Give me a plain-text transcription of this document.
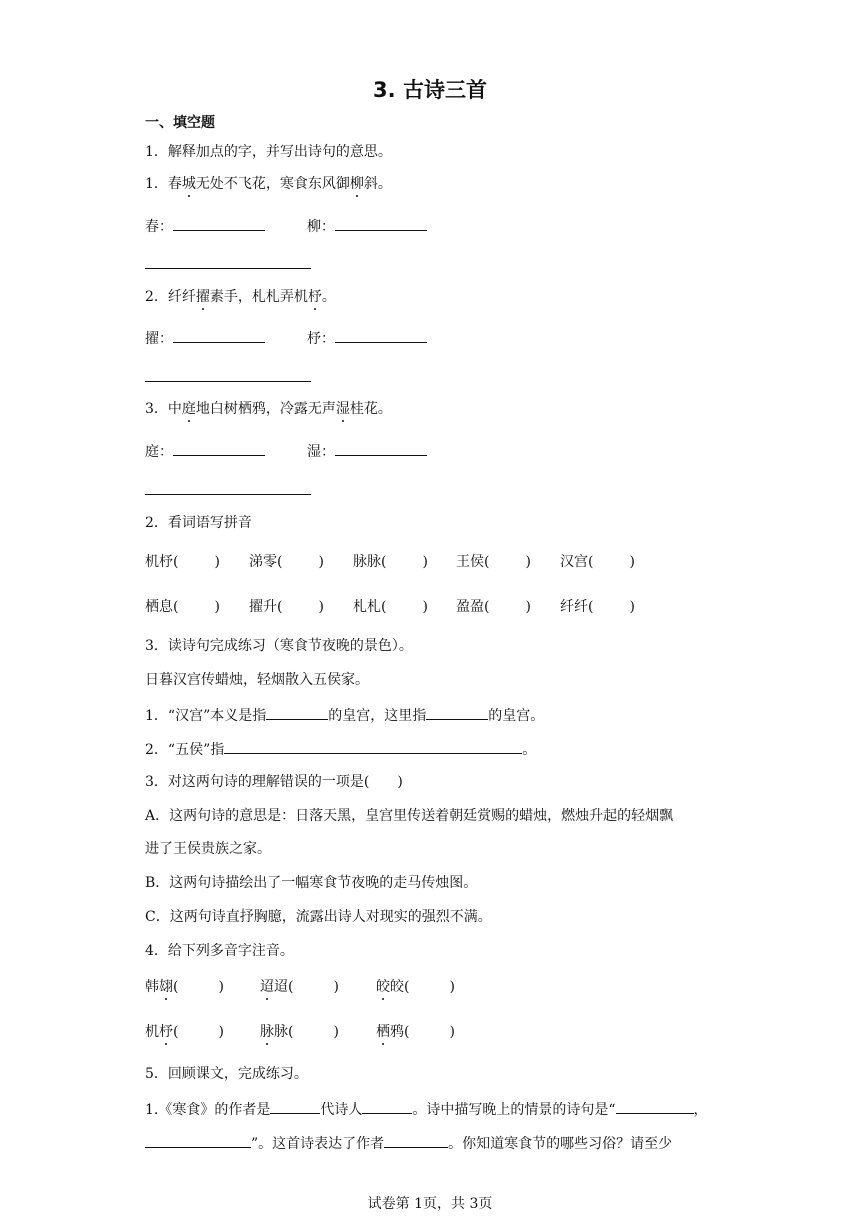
3. 古诗三首
一、填空题
1．解释加点的字，并写出诗句的意思。
1．春城无处不飞花，寒食东风御柳斜。
春：	柳：
2．纤纤擢素手，札札弄机杼。
擢：	杼：
3．中庭地白树栖鸦，冷露无声湿桂花。
庭：	湿：
2．看词语写拼音
机杼(	) 涕零(	) 脉脉(	) 王侯(	) 汉宫(	)
栖息(	) 擢升(	) 札札(	) 盈盈(	) 纤纤(	)
3．读诗句完成练习（寒食节夜晚的景色）。
日暮汉宫传蜡烛，轻烟散入五侯家。
1．“汉宫”本义是指	的皇宫，这里指	的皇宫。
2．“五侯”指	。
3．对这两句诗的理解错误的一项是(　　)
A．这两句诗的意思是：日落天黑，皇宫里传送着朝廷赏赐的蜡烛，燃烛升起的轻烟飘
进了王侯贵族之家。
B．这两句诗描绘出了一幅寒食节夜晚的走马传烛图。
C．这两句诗直抒胸臆，流露出诗人对现实的强烈不满。
4．给下列多音字注音。
韩翃(	)	迢迢(	)	皎皎(	)
机杼(	)	脉脉(	)	栖鸦(	)
5．回顾课文，完成练习。
1.《寒食》的作者是	代诗人	。诗中描写晚上的情景的诗句是“	，
”。这首诗表达了作者	。你知道寒食节的哪些习俗？请至少
试卷第 1页，共 3页
